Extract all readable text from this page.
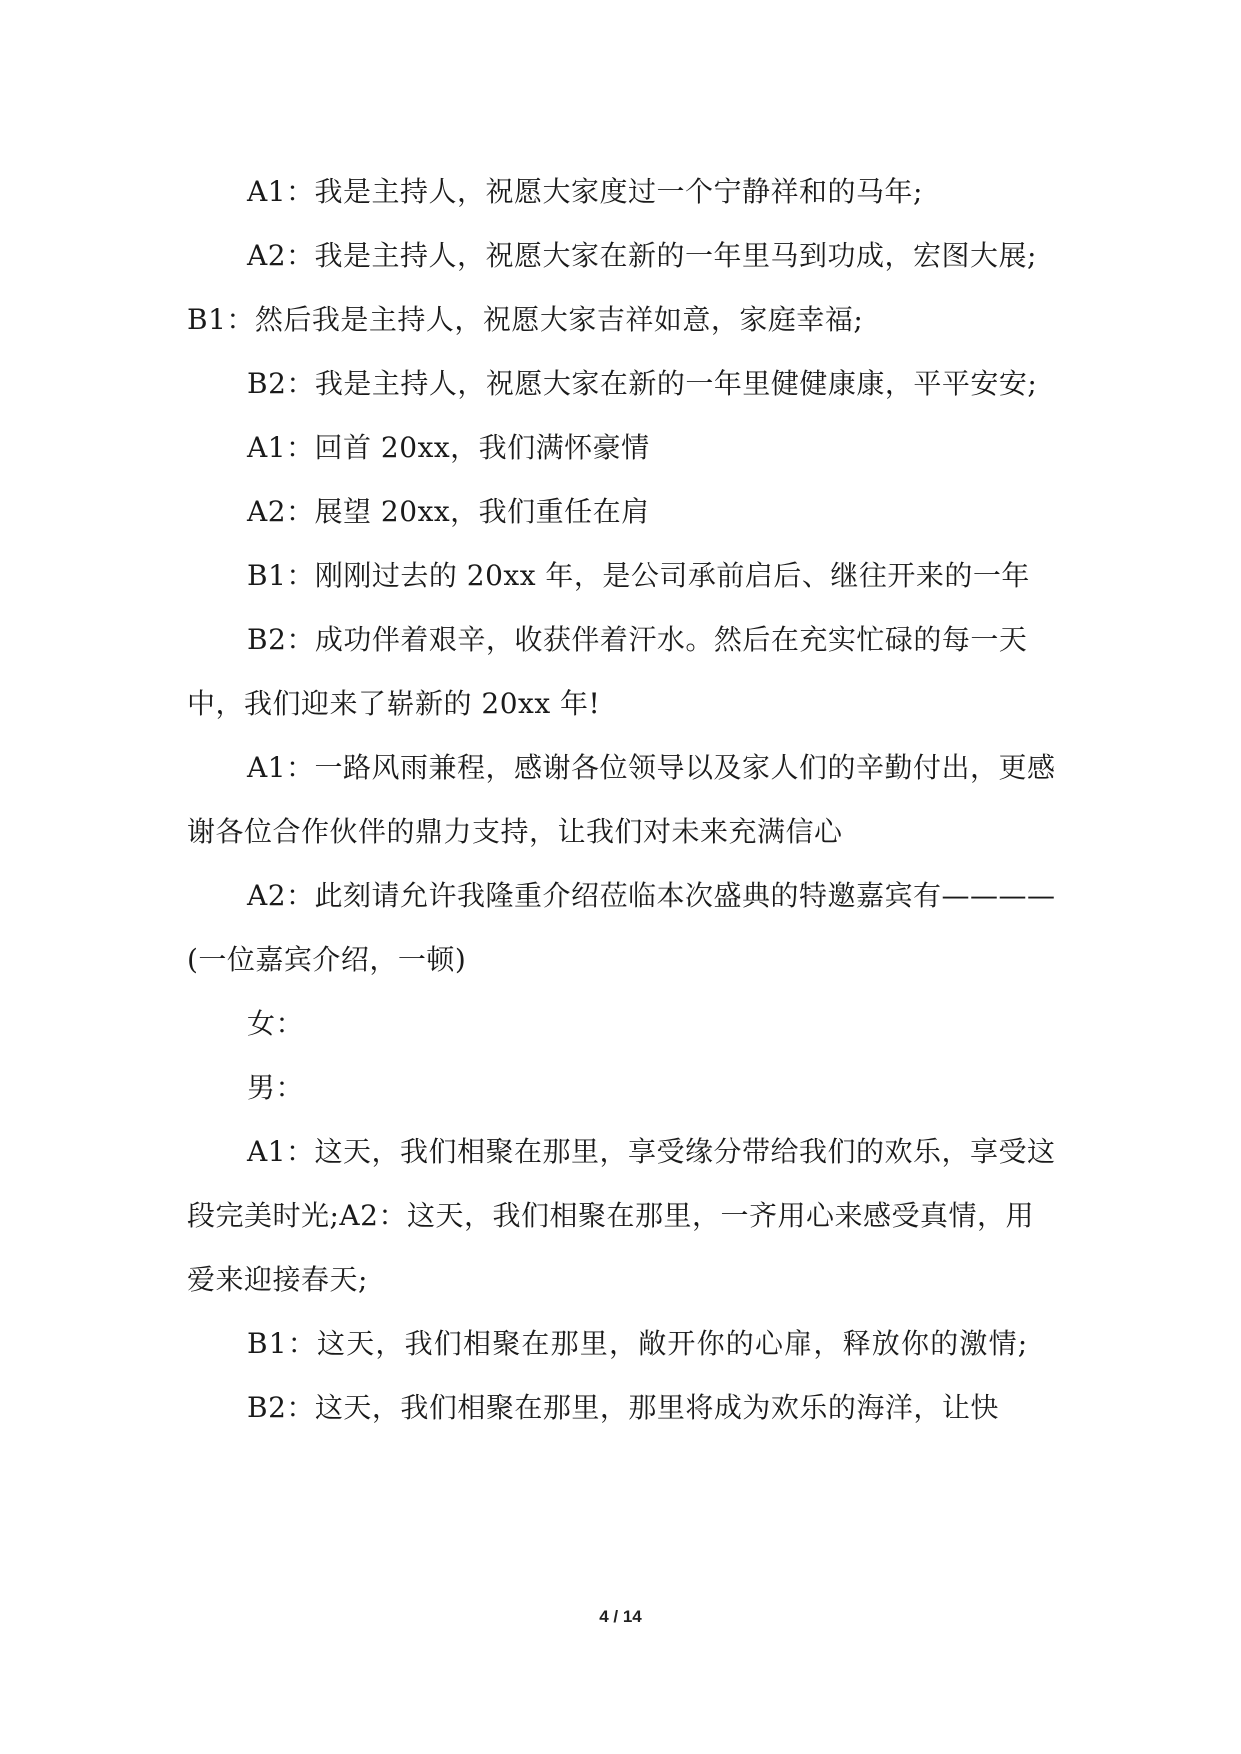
A1：我是主持人，祝愿大家度过一个宁静祥和的马年;

A2：我是主持人，祝愿大家在新的一年里马到功成，宏图大展;B1：然后我是主持人，祝愿大家吉祥如意，家庭幸福;

B2：我是主持人，祝愿大家在新的一年里健健康康，平平安安;

A1：回首 20xx，我们满怀豪情

A2：展望 20xx，我们重任在肩

B1：刚刚过去的 20xx 年，是公司承前启后、继往开来的一年

B2：成功伴着艰辛，收获伴着汗水。然后在充实忙碌的每一天中，我们迎来了崭新的 20xx 年!

A1：一路风雨兼程，感谢各位领导以及家人们的辛勤付出，更感谢各位合作伙伴的鼎力支持，让我们对未来充满信心

A2：此刻请允许我隆重介绍莅临本次盛典的特邀嘉宾有————(一位嘉宾介绍，一顿)

女：

男：

A1：这天，我们相聚在那里，享受缘分带给我们的欢乐，享受这段完美时光;A2：这天，我们相聚在那里，一齐用心来感受真情，用爱来迎接春天;

B1：这天，我们相聚在那里，敞开你的心扉，释放你的激情;

B2：这天，我们相聚在那里，那里将成为欢乐的海洋，让快

4 / 14
